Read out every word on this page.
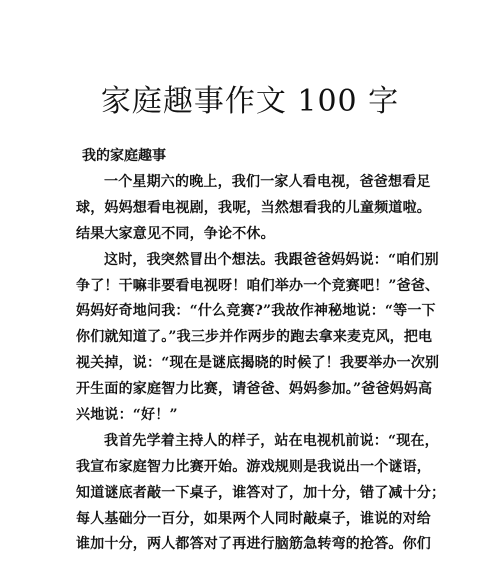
家庭趣事作文 100 字

我的家庭趣事

一个星期六的晚上，我们一家人看电视，爸爸想看足
球，妈妈想看电视剧，我呢，当然想看我的儿童频道啦。
结果大家意见不同，争论不休。
这时，我突然冒出个想法。我跟爸爸妈妈说：“咱们别
争了！干嘛非要看电视呀！咱们举办一个竞赛吧！”爸爸、
妈妈好奇地问我：“什么竞赛?”我故作神秘地说：“等一下
你们就知道了。”我三步并作两步的跑去拿来麦克风，把电
视关掉，说：“现在是谜底揭晓的时候了！我要举办一次别
开生面的家庭智力比赛，请爸爸、妈妈参加。”爸爸妈妈高
兴地说：“好！”
我首先学着主持人的样子，站在电视机前说：“现在，
我宣布家庭智力比赛开始。游戏规则是我说出一个谜语，
知道谜底者敲一下桌子，谁答对了，加十分，错了减十分；
每人基础分一百分，如果两个人同时敲桌子，谁说的对给
谁加十分，两人都答对了再进行脑筋急转弯的抢答。你们
